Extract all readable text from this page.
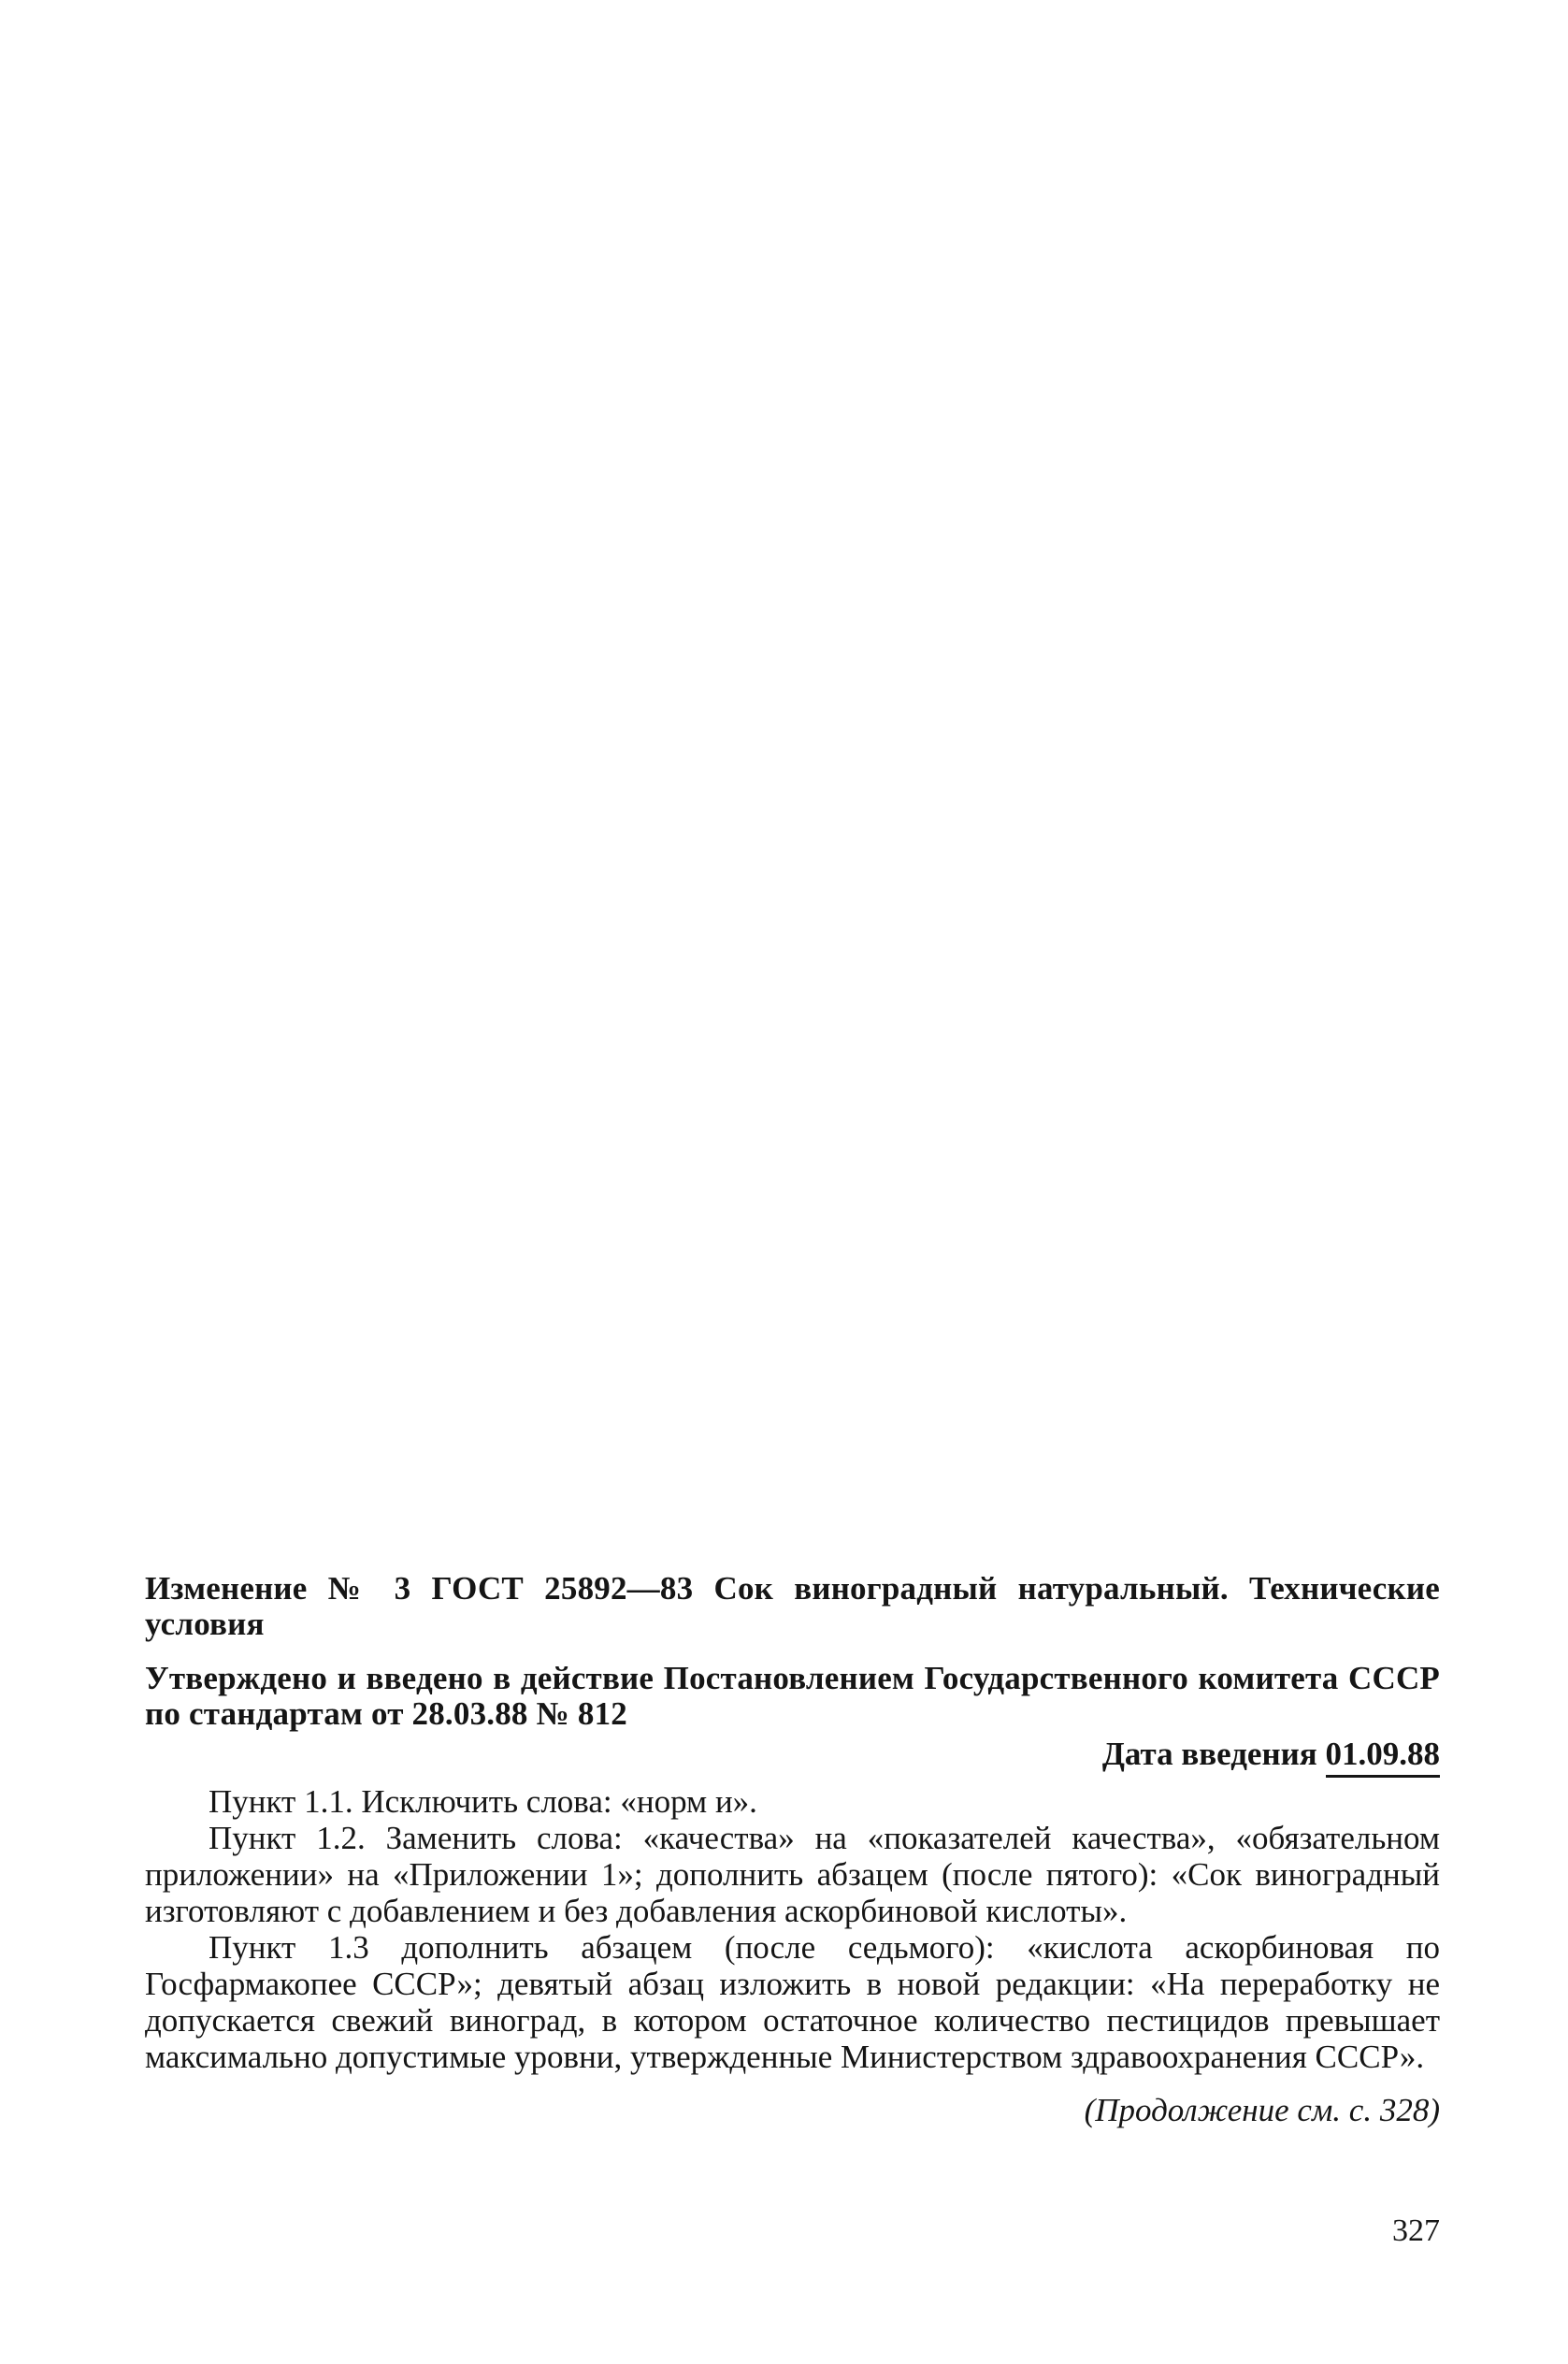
Изменение № 3 ГОСТ 25892—83 Сок виноградный натуральный. Технические условия
Утверждено и введено в действие Постановлением Государственного комитета СССР по стандартам от 28.03.88 № 812
Дата введения 01.09.88

Пункт 1.1. Исключить слова: «норм и».

Пункт 1.2. Заменить слова: «качества» на «показателей качества», «обязательном приложении» на «Приложении 1»; дополнить абзацем (после пятого): «Сок виноградный изготовляют с добавлением и без добавления аскорбиновой кислоты».

Пункт 1.3 дополнить абзацем (после седьмого): «кислота аскорбиновая по Госфармакопее СССР»; девятый абзац изложить в новой редакции: «На переработку не допускается свежий виноград, в котором остаточное количество пестицидов превышает максимально допустимые уровни, утвержденные Министерством здравоохранения СССР».

(Продолжение см. с. 328)
327
